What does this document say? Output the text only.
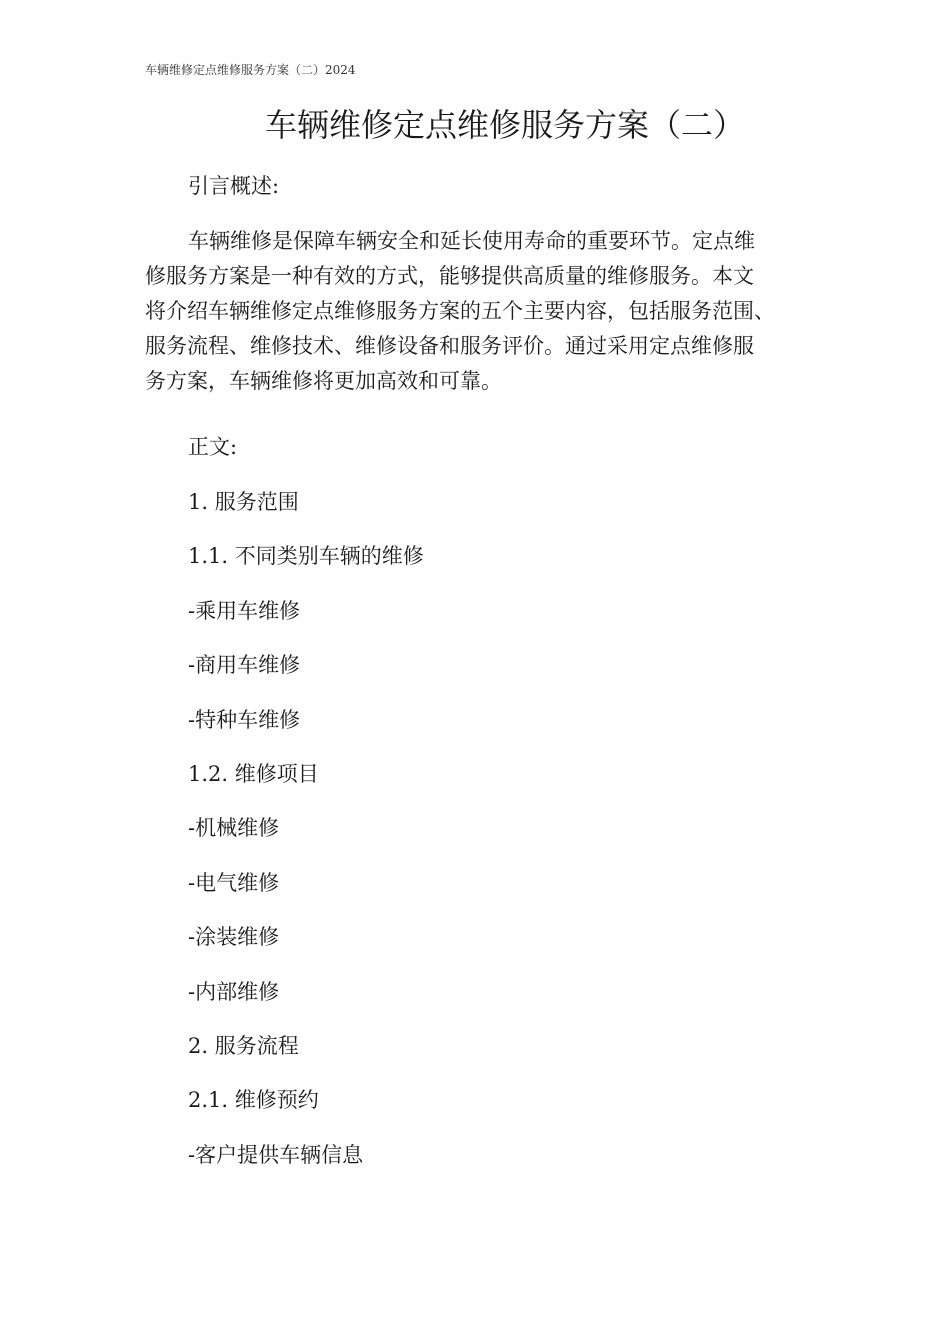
车辆维修定点维修服务方案（二）2024
车辆维修定点维修服务方案（二）
引言概述:
车辆维修是保障车辆安全和延长使用寿命的重要环节。定点维
修服务方案是一种有效的方式，能够提供高质量的维修服务。本文
将介绍车辆维修定点维修服务方案的五个主要内容，包括服务范围、
服务流程、维修技术、维修设备和服务评价。通过采用定点维修服
务方案，车辆维修将更加高效和可靠。
正文:
1. 服务范围
1.1. 不同类别车辆的维修
-乘用车维修
-商用车维修
-特种车维修
1.2. 维修项目
-机械维修
-电气维修
-涂装维修
-内部维修
2. 服务流程
2.1. 维修预约
-客户提供车辆信息
